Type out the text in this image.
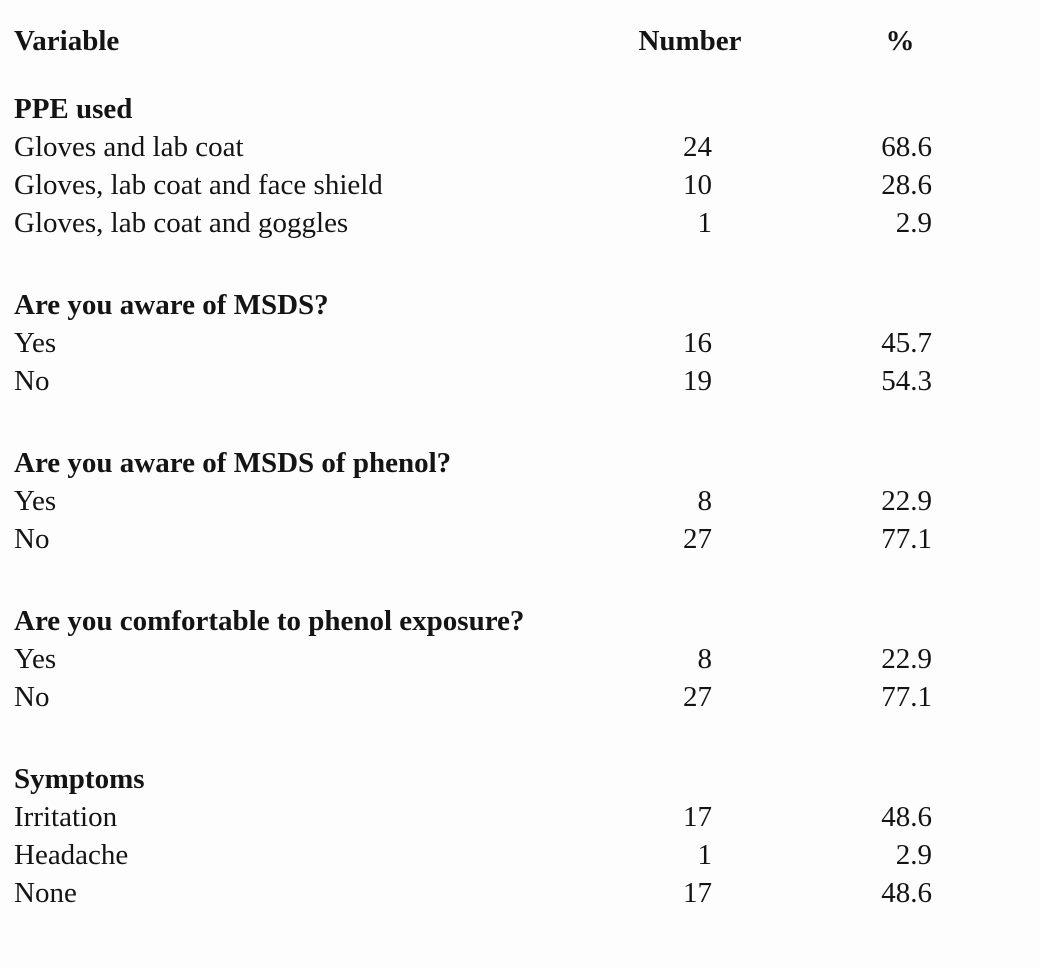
Variable	Number	%
PPE used
Gloves and lab coat	24	68.6
Gloves, lab coat and face shield	10	28.6
Gloves, lab coat and goggles	1	2.9
Are you aware of MSDS?
Yes	16	45.7
No	19	54.3
Are you aware of MSDS of phenol?
Yes	8	22.9
No	27	77.1
Are you comfortable to phenol exposure?
Yes	8	22.9
No	27	77.1
Symptoms
Irritation	17	48.6
Headache	1	2.9
None	17	48.6
